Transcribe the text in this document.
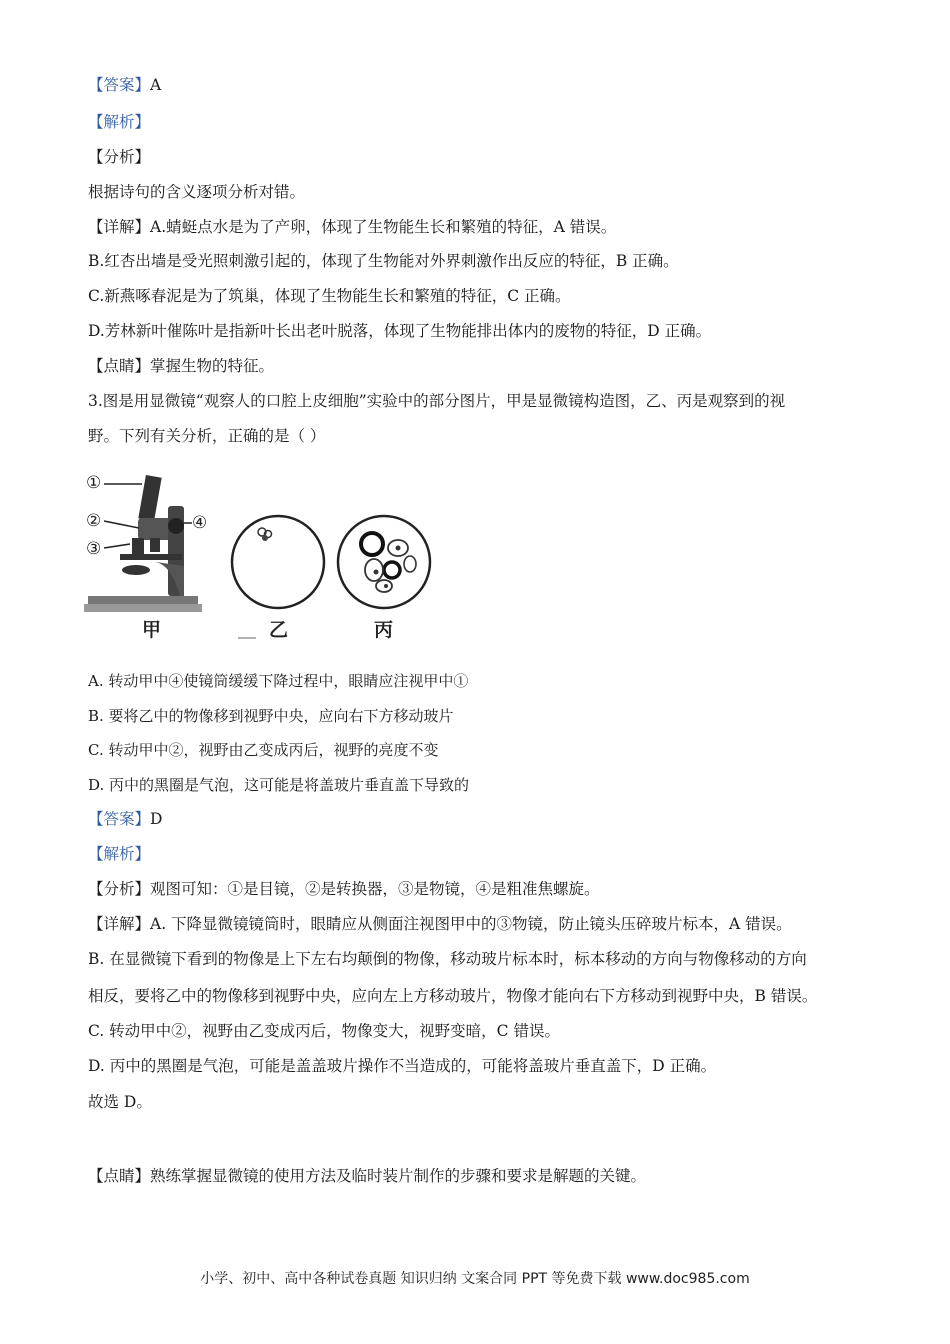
【答案】A
【解析】
【分析】
根据诗句的含义逐项分析对错。
【详解】A.蜻蜓点水是为了产卵，体现了生物能生长和繁殖的特征，A 错误。
B.红杏出墙是受光照刺激引起的，体现了生物能对外界刺激作出反应的特征，B 正确。
C.新燕啄春泥是为了筑巢，体现了生物能生长和繁殖的特征，C 正确。
D.芳林新叶催陈叶是指新叶长出老叶脱落，体现了生物能排出体内的废物的特征，D 正确。
【点睛】掌握生物的特征。
3.图是用显微镜“观察人的口腔上皮细胞”实验中的部分图片，甲是显微镜构造图，乙、丙是观察到的视
野。下列有关分析，正确的是（ ）
①
②
③
④
甲	乙	丙
A. 转动甲中④使镜筒缓缓下降过程中，眼睛应注视甲中①
B. 要将乙中的物像移到视野中央，应向右下方移动玻片
C. 转动甲中②，视野由乙变成丙后，视野的亮度不变
D. 丙中的黑圈是气泡，这可能是将盖玻片垂直盖下导致的
【答案】D
【解析】
【分析】观图可知：①是目镜，②是转换器，③是物镜，④是粗准焦螺旋。
【详解】A. 下降显微镜镜筒时，眼睛应从侧面注视图甲中的③物镜，防止镜头压碎玻片标本，A 错误。
B. 在显微镜下看到的物像是上下左右均颠倒的物像，移动玻片标本时，标本移动的方向与物像移动的方向
相反，要将乙中的物像移到视野中央，应向左上方移动玻片，物像才能向右下方移动到视野中央，B 错误。
C. 转动甲中②，视野由乙变成丙后，物像变大，视野变暗，C 错误。
D. 丙中的黑圈是气泡，可能是盖盖玻片操作不当造成的，可能将盖玻片垂直盖下，D 正确。
故选 D。
【点睛】熟练掌握显微镜的使用方法及临时装片制作的步骤和要求是解题的关键。
小学、初中、高中各种试卷真题 知识归纳 文案合同 PPT 等免费下载 www.doc985.com
